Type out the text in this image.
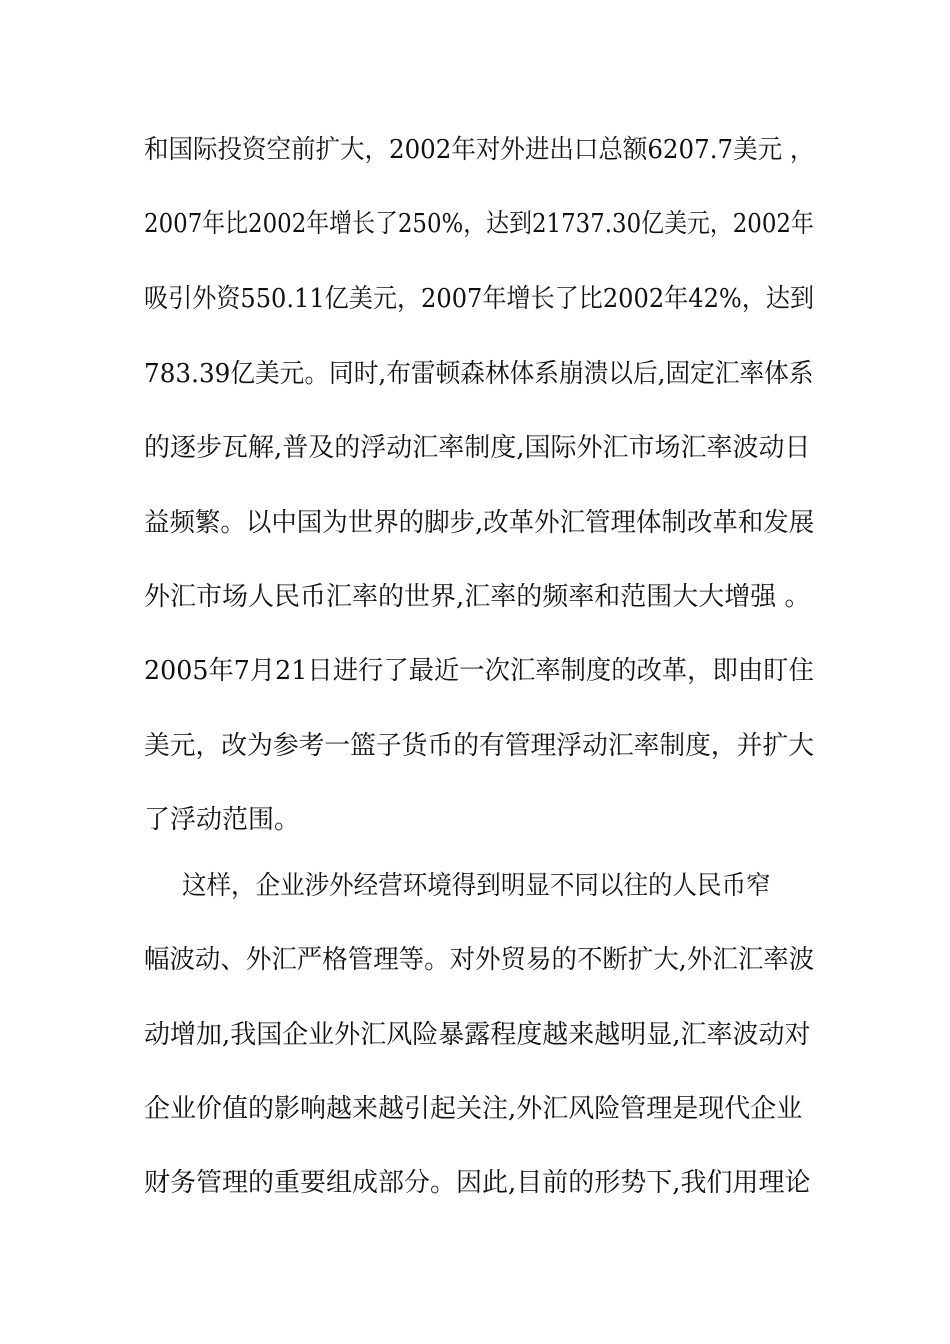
和国际投资空前扩大，2002年对外进出口总额6207.7美元 ，
2007年比2002年增长了250%，达到21737.30亿美元，2002年
吸引外资550.11亿美元，2007年增长了比2002年42%，达到
783.39亿美元。同时,布雷顿森林体系崩溃以后,固定汇率体系
的逐步瓦解,普及的浮动汇率制度,国际外汇市场汇率波动日
益频繁。以中国为世界的脚步,改革外汇管理体制改革和发展
外汇市场人民币汇率的世界,汇率的频率和范围大大增强 。
2005年7月21日进行了最近一次汇率制度的改革，即由盯住
美元，改为参考一篮子货币的有管理浮动汇率制度，并扩大
了浮动范围。
这样，企业涉外经营环境得到明显不同以往的人民币窄
幅波动、外汇严格管理等。对外贸易的不断扩大,外汇汇率波
动增加,我国企业外汇风险暴露程度越来越明显,汇率波动对
企业价值的影响越来越引起关注,外汇风险管理是现代企业
财务管理的重要组成部分。因此,目前的形势下,我们用理论
